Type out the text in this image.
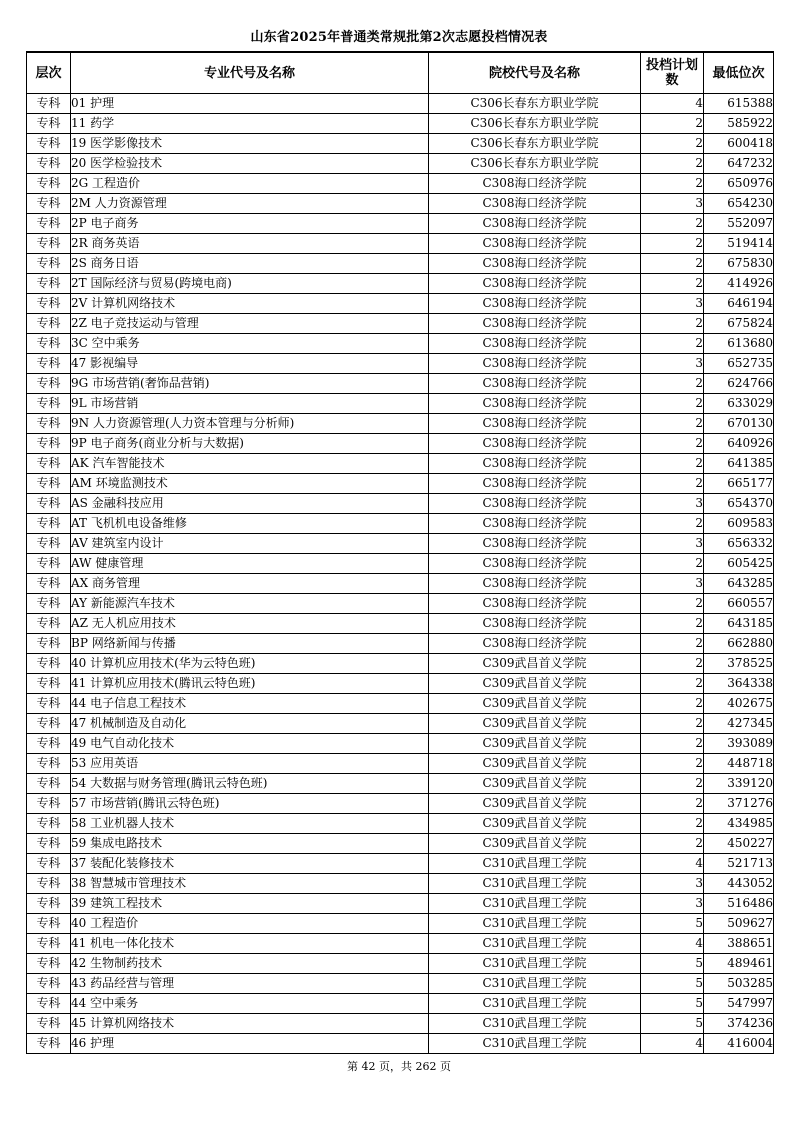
山东省2025年普通类常规批第2次志愿投档情况表
层次	专业代号及名称	院校代号及名称	投档计划数	最低位次
专科	01 护理	C306长春东方职业学院	4	615388
专科	11 药学	C306长春东方职业学院	2	585922
专科	19 医学影像技术	C306长春东方职业学院	2	600418
专科	20 医学检验技术	C306长春东方职业学院	2	647232
专科	2G 工程造价	C308海口经济学院	2	650976
专科	2M 人力资源管理	C308海口经济学院	3	654230
专科	2P 电子商务	C308海口经济学院	2	552097
专科	2R 商务英语	C308海口经济学院	2	519414
专科	2S 商务日语	C308海口经济学院	2	675830
专科	2T 国际经济与贸易(跨境电商)	C308海口经济学院	2	414926
专科	2V 计算机网络技术	C308海口经济学院	3	646194
专科	2Z 电子竞技运动与管理	C308海口经济学院	2	675824
专科	3C 空中乘务	C308海口经济学院	2	613680
专科	47 影视编导	C308海口经济学院	3	652735
专科	9G 市场营销(奢饰品营销)	C308海口经济学院	2	624766
专科	9L 市场营销	C308海口经济学院	2	633029
专科	9N 人力资源管理(人力资本管理与分析师)	C308海口经济学院	2	670130
专科	9P 电子商务(商业分析与大数据)	C308海口经济学院	2	640926
专科	AK 汽车智能技术	C308海口经济学院	2	641385
专科	AM 环境监测技术	C308海口经济学院	2	665177
专科	AS 金融科技应用	C308海口经济学院	3	654370
专科	AT 飞机机电设备维修	C308海口经济学院	2	609583
专科	AV 建筑室内设计	C308海口经济学院	3	656332
专科	AW 健康管理	C308海口经济学院	2	605425
专科	AX 商务管理	C308海口经济学院	3	643285
专科	AY 新能源汽车技术	C308海口经济学院	2	660557
专科	AZ 无人机应用技术	C308海口经济学院	2	643185
专科	BP 网络新闻与传播	C308海口经济学院	2	662880
专科	40 计算机应用技术(华为云特色班)	C309武昌首义学院	2	378525
专科	41 计算机应用技术(腾讯云特色班)	C309武昌首义学院	2	364338
专科	44 电子信息工程技术	C309武昌首义学院	2	402675
专科	47 机械制造及自动化	C309武昌首义学院	2	427345
专科	49 电气自动化技术	C309武昌首义学院	2	393089
专科	53 应用英语	C309武昌首义学院	2	448718
专科	54 大数据与财务管理(腾讯云特色班)	C309武昌首义学院	2	339120
专科	57 市场营销(腾讯云特色班)	C309武昌首义学院	2	371276
专科	58 工业机器人技术	C309武昌首义学院	2	434985
专科	59 集成电路技术	C309武昌首义学院	2	450227
专科	37 装配化装修技术	C310武昌理工学院	4	521713
专科	38 智慧城市管理技术	C310武昌理工学院	3	443052
专科	39 建筑工程技术	C310武昌理工学院	3	516486
专科	40 工程造价	C310武昌理工学院	5	509627
专科	41 机电一体化技术	C310武昌理工学院	4	388651
专科	42 生物制药技术	C310武昌理工学院	5	489461
专科	43 药品经营与管理	C310武昌理工学院	5	503285
专科	44 空中乘务	C310武昌理工学院	5	547997
专科	45 计算机网络技术	C310武昌理工学院	5	374236
专科	46 护理	C310武昌理工学院	4	416004
第 42 页，共 262 页
